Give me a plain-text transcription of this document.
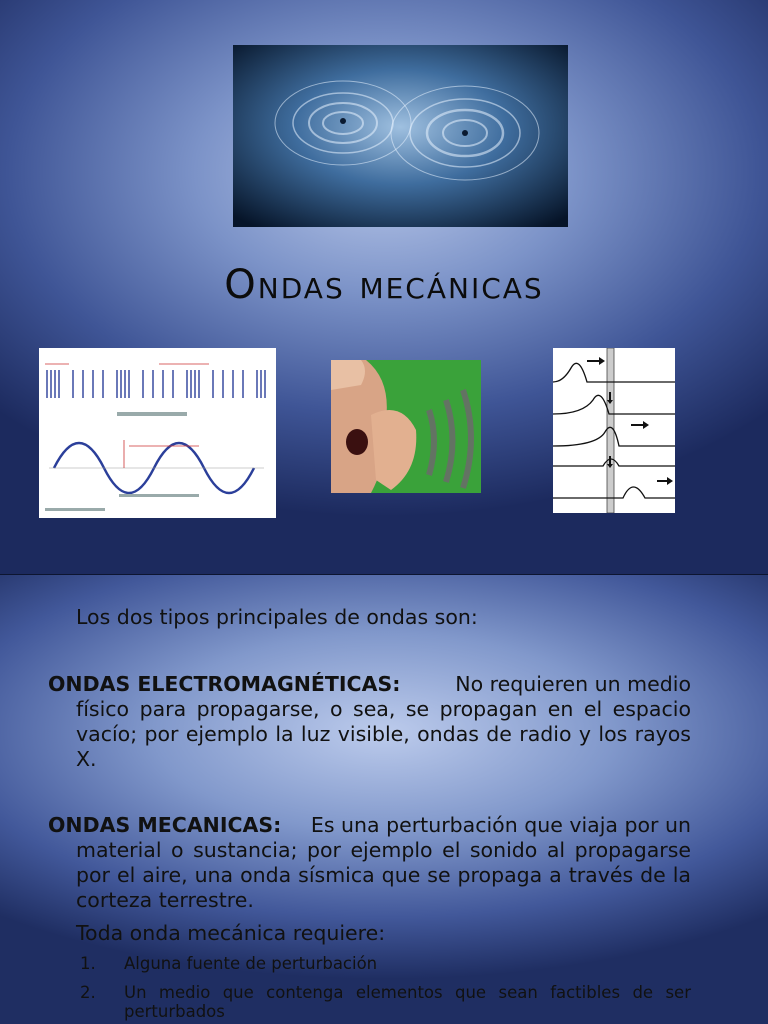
Ondas mecánicas
Los dos tipos principales de ondas son:
ONDAS ELECTROMAGNÉTICAS:	No requieren un medio
físico para propagarse, o sea, se propagan en el espacio vacío; por ejemplo la luz visible, ondas de radio y los rayos X.
ONDAS MECANICAS: Es una perturbación que viaja por un
material o sustancia; por ejemplo el sonido al propagarse por el aire, una onda sísmica que se propaga a través de la corteza terrestre.
Toda onda mecánica requiere:
1. Alguna fuente de perturbación
2. Un medio que contenga elementos que sean factibles de ser perturbados
